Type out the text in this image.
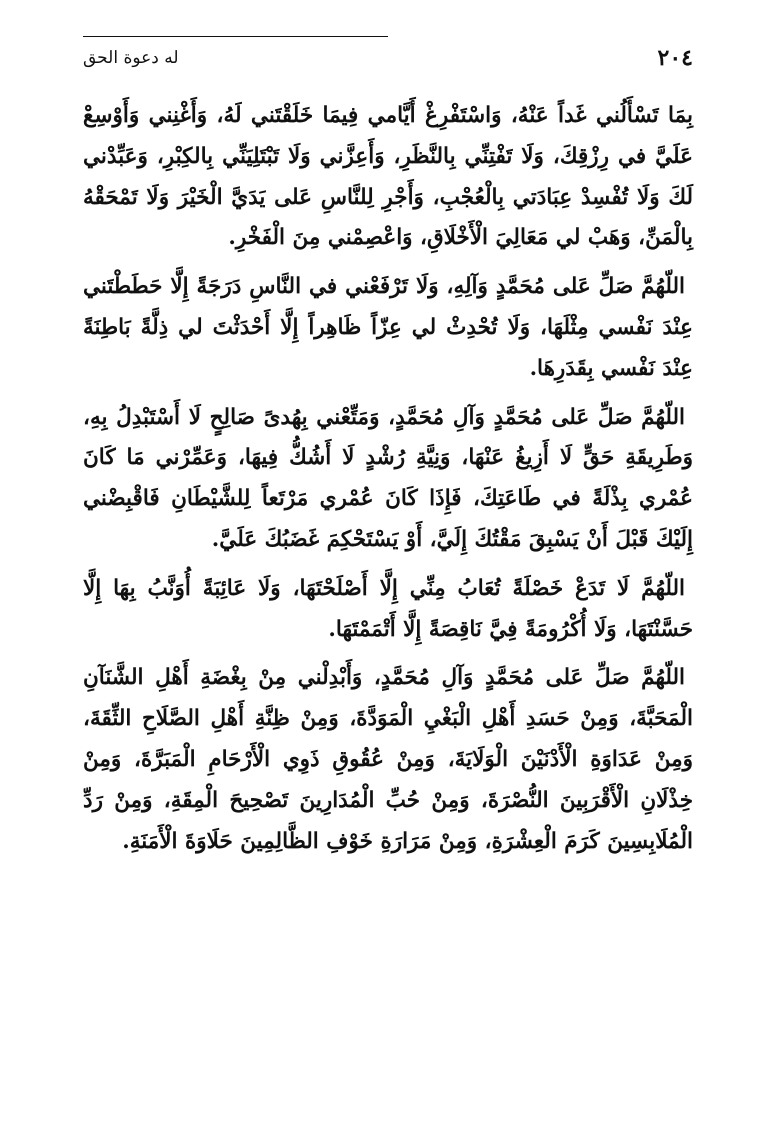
٢٠٤
له دعوة الحق

بِمَا تَسْأَلُني غَداً عَنْهُ، وَاسْتَفْرِغْ أَيَّامي فِيمَا خَلَقْتَني لَهُ، وَأَغْنِني وَأَوْسِعْ عَلَيَّ في رِزْقِكَ، وَلَا تَفْتِنِّي بِالنَّظَرِ، وَأَعِزَّني وَلَا تَبْتَلِيَنِّي بِالكِبْرِ، وَعَبِّدْني لَكَ وَلَا تُفْسِدْ عِبَادَتي بِالْعُجْبِ، وَأَجْرِ لِلنَّاسِ عَلى يَدَيَّ الْخَيْرَ وَلَا تَمْحَقْهُ بِالْمَنِّ، وَهَبْ لي مَعَالِيَ الْأَخْلَاقِ، وَاعْصِمْني مِنَ الْفَخْرِ.

اللّهُمَّ صَلِّ عَلى مُحَمَّدٍ وَآلِهِ، وَلَا تَرْفَعْني في النَّاسِ دَرَجَةً إِلَّا حَطَطْتَني عِنْدَ نَفْسي مِثْلَهَا، وَلَا تُحْدِثْ لي عِزّاً ظَاهِراً إِلَّا أَحْدَثْتَ لي ذِلَّةً بَاطِنَةً عِنْدَ نَفْسي بِقَدَرِهَا.

اللّهُمَّ صَلِّ عَلى مُحَمَّدٍ وَآلِ مُحَمَّدٍ، وَمَتِّعْني بِهُدىً صَالِحٍ لَا أَسْتَبْدِلُ بِهِ، وَطَرِيقَةِ حَقٍّ لَا أَزِيغُ عَنْهَا، وَنِيَّةِ رُشْدٍ لَا أَشُكُّ فِيهَا، وَعَمِّرْني مَا كَانَ عُمْري بِذْلَةً في طَاعَتِكَ، فَإِذَا كَانَ عُمْري مَرْتَعاً لِلشَّيْطَانِ فَاقْبِضْني إِلَيْكَ قَبْلَ أَنْ يَسْبِقَ مَقْتُكَ إِلَيَّ، أَوْ يَسْتَحْكِمَ غَضَبُكَ عَلَيَّ.

اللّهُمَّ لَا تَدَعْ خَصْلَةً تُعَابُ مِنِّي إِلَّا أَصْلَحْتَهَا، وَلَا عَائِبَةً أُوَنَّبُ بِهَا إِلَّا حَسَّنْتَهَا، وَلَا أُكْرُومَةً فِيَّ نَاقِصَةً إِلَّا أَتْمَمْتَهَا.

اللّهُمَّ صَلِّ عَلى مُحَمَّدٍ وَآلِ مُحَمَّدٍ، وَأَبْدِلْني مِنْ بِغْضَةِ أَهْلِ الشَّنَآنِ الْمَحَبَّةَ، وَمِنْ حَسَدِ أَهْلِ الْبَغْيِ الْمَوَدَّةَ، وَمِنْ ظِنَّةِ أَهْلِ الصَّلَاحِ الثِّقَةَ، وَمِنْ عَدَاوَةِ الْأَدْنَيْنَ الْوَلَايَةَ، وَمِنْ عُقُوقِ ذَوِي الْأَرْحَامِ الْمَبَرَّةَ، وَمِنْ خِذْلَانِ الْأَقْرَبِينَ النُّصْرَةَ، وَمِنْ حُبِّ الْمُدَارِينَ تَصْحِيحَ الْمِقَةِ، وَمِنْ رَدِّ الْمُلَابِسِينَ كَرَمَ الْعِشْرَةِ، وَمِنْ مَرَارَةِ خَوْفِ الظَّالِمِينَ حَلَاوَةَ الْأَمَنَةِ.
